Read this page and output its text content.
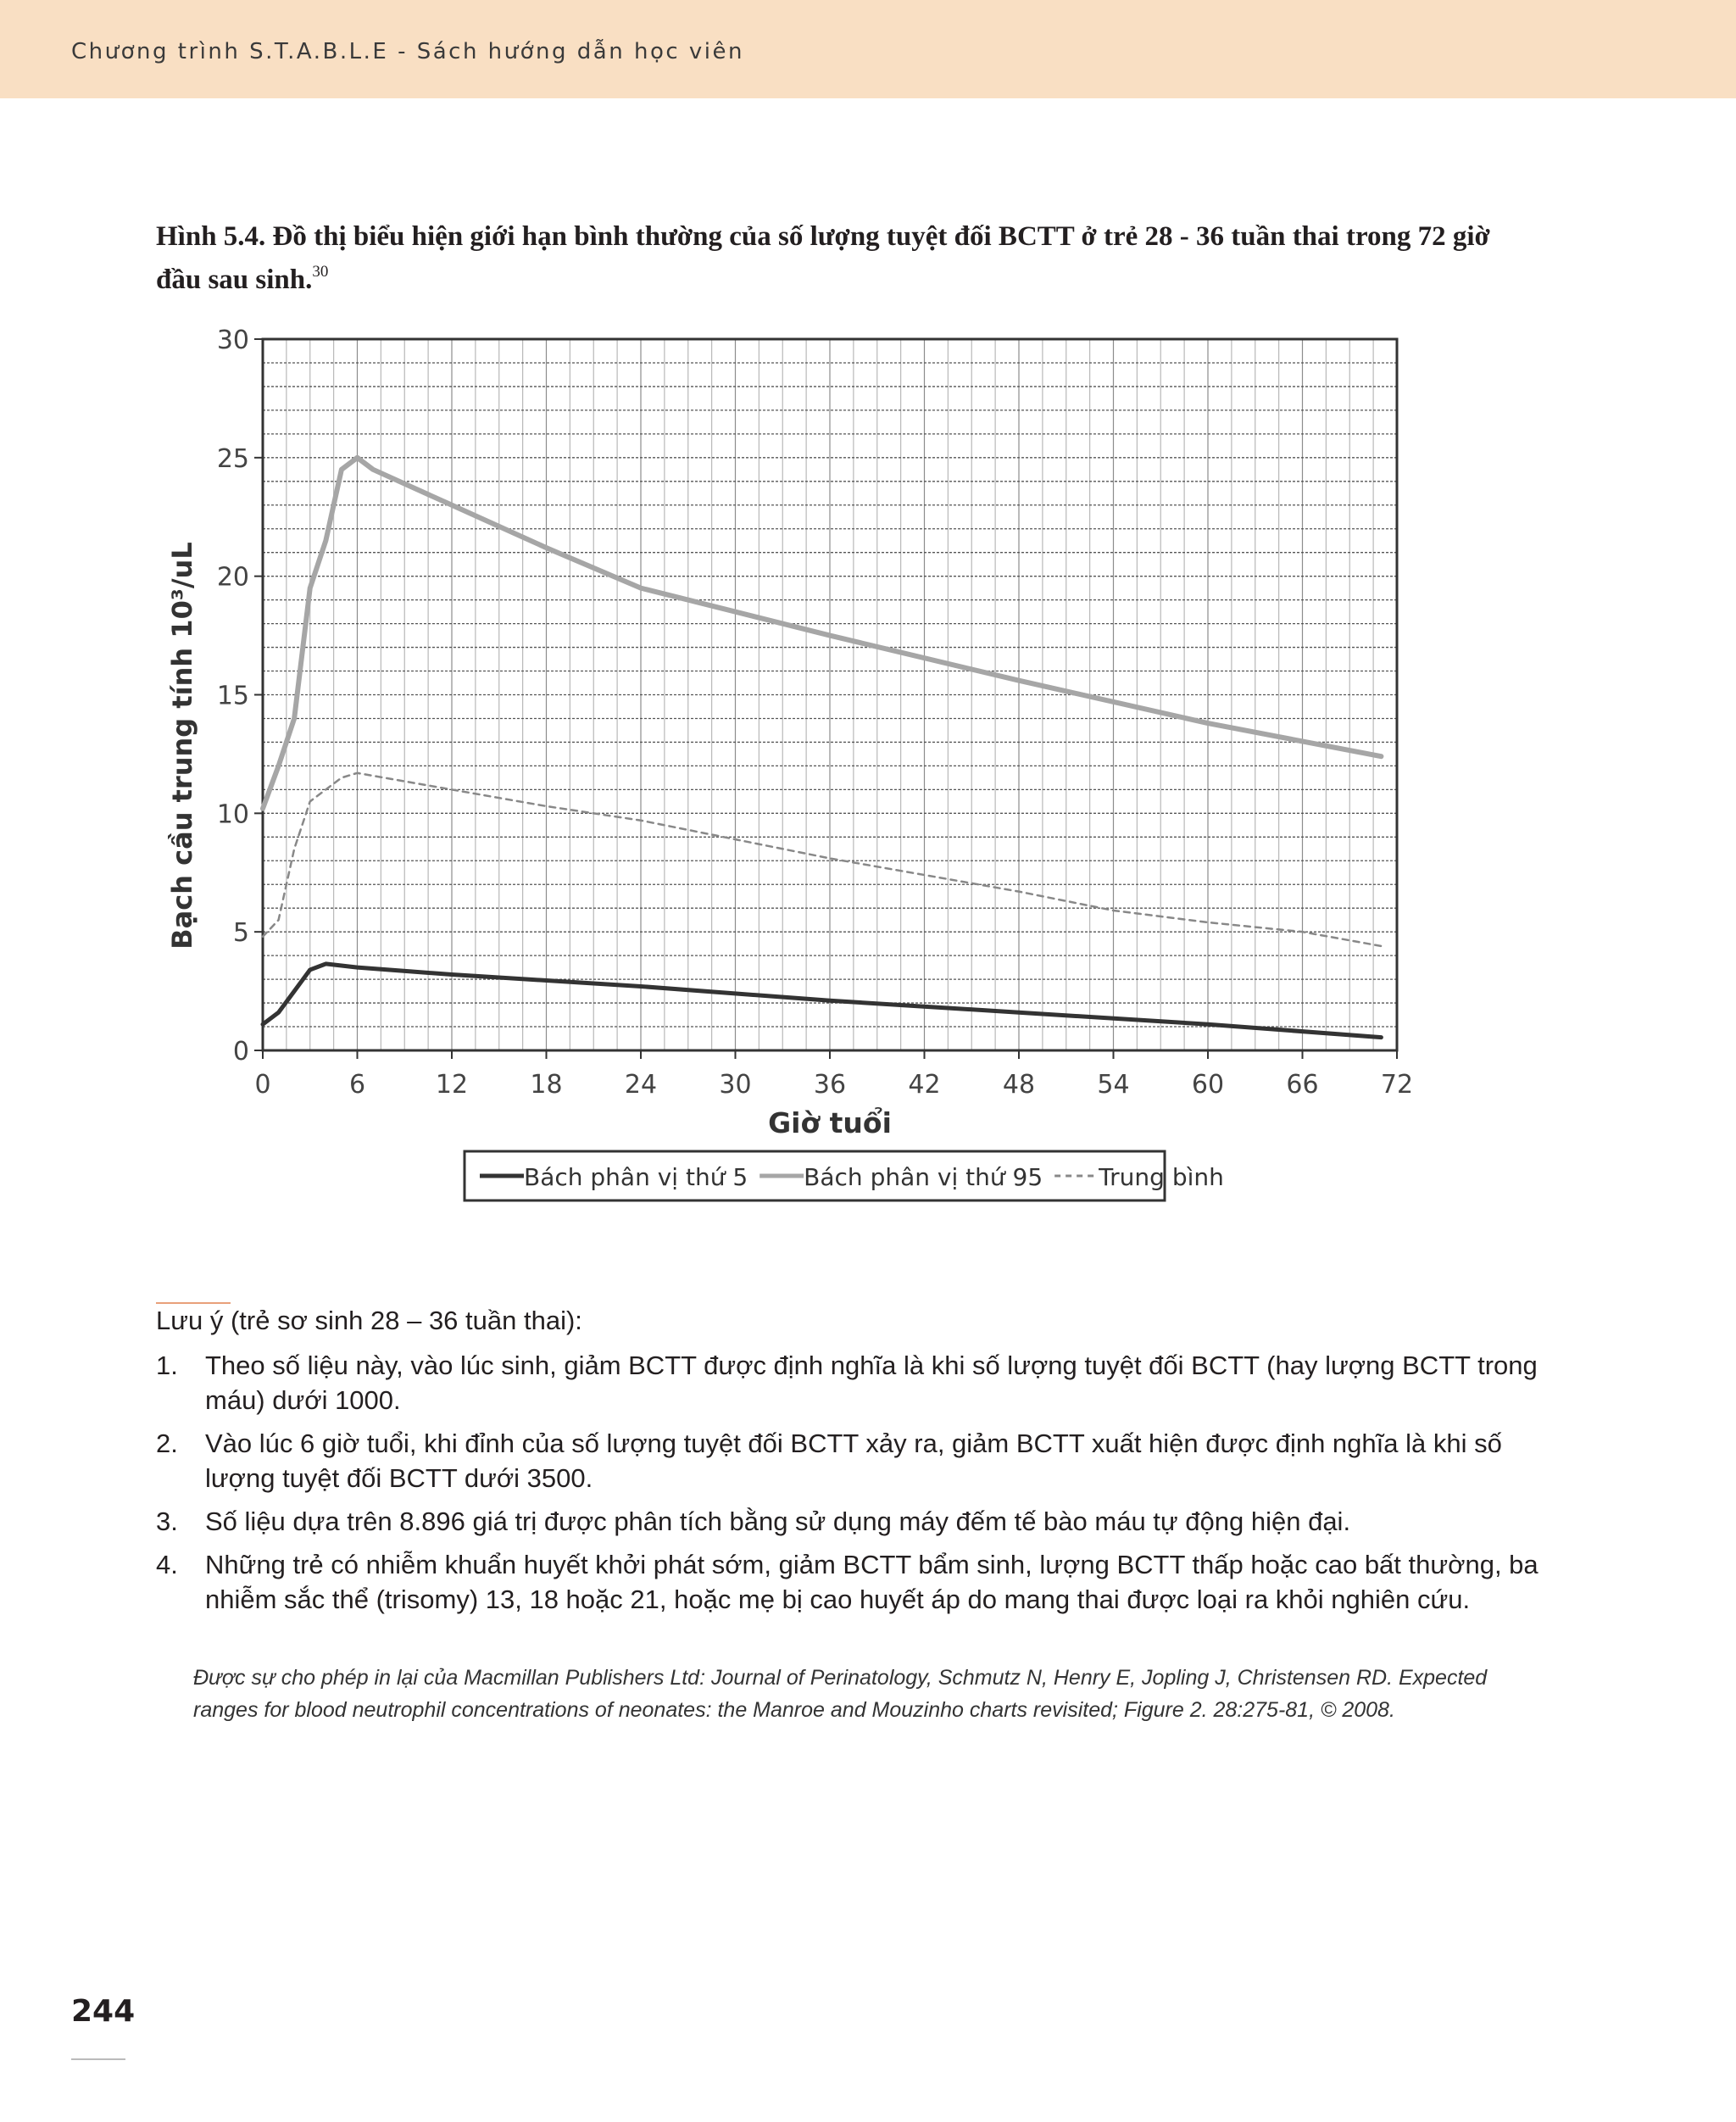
Chương trình S.T.A.B.L.E - Sách hướng dẫn học viên
Hình 5.4. Đồ thị biểu hiện giới hạn bình thường của số lượng tuyệt đối BCTT ở trẻ 28 - 36 tuần thai trong 72 giờ đầu sau sinh.$^{30}$
0	6	12 18 24 30 36 42 48 54 60 66 72
0
5
10
15
20
25
30
Giờ tuổi
Bạch cầu trung tính 10³/uL
Bách phân vị thứ 5 Bách phân vị thứ 95 Trung bình
Lưu ý (trẻ sơ sinh 28 – 36 tuần thai):
1. Theo số liệu này, vào lúc sinh, giảm BCTT được định nghĩa là khi số lượng tuyệt đối BCTT (hay lượng BCTT trong máu) dưới 1000.
2. Vào lúc 6 giờ tuổi, khi đỉnh của số lượng tuyệt đối BCTT xảy ra, giảm BCTT xuất hiện được định nghĩa là khi số lượng tuyệt đối BCTT dưới 3500.
3. Số liệu dựa trên 8.896 giá trị được phân tích bằng sử dụng máy đếm tế bào máu tự động hiện đại.
4. Những trẻ có nhiễm khuẩn huyết khởi phát sớm, giảm BCTT bẩm sinh, lượng BCTT thấp hoặc cao bất thường, ba nhiễm sắc thể (trisomy) 13, 18 hoặc 21, hoặc mẹ bị cao huyết áp do mang thai được loại ra khỏi nghiên cứu.
Được sự cho phép in lại của Macmillan Publishers Ltd: Journal of Perinatology, Schmutz N, Henry E, Jopling J, Christensen RD. Expected ranges for blood neutrophil concentrations of neonates: the Manroe and Mouzinho charts revisited; Figure 2. 28:275-81, © 2008.
244
